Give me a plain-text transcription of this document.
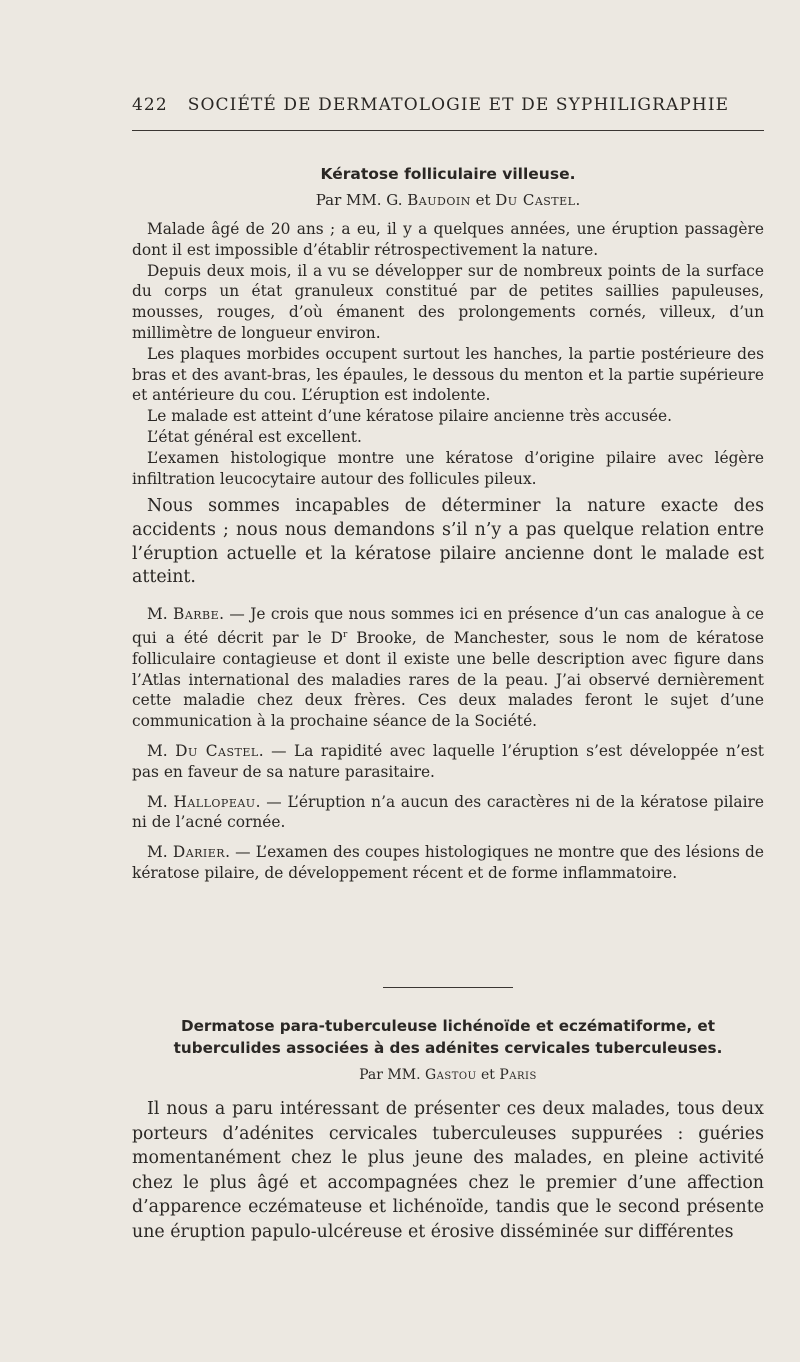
422 SOCIÉTÉ DE DERMATOLOGIE ET DE SYPHILIGRAPHIE
Kératose folliculaire villeuse.
Par MM. G. Baudoin et Du Castel.

Malade âgé de 20 ans ; a eu, il y a quelques années, une éruption passagère dont il est impossible d’établir rétrospectivement la nature.

Depuis deux mois, il a vu se développer sur de nombreux points de la surface du corps un état granuleux constitué par de petites saillies papuleuses, mousses, rouges, d’où émanent des prolongements cornés, villeux, d’un millimètre de longueur environ.

Les plaques morbides occupent surtout les hanches, la partie postérieure des bras et des avant-bras, les épaules, le dessous du menton et la partie supérieure et antérieure du cou. L’éruption est indolente.

Le malade est atteint d’une kératose pilaire ancienne très accusée.

L’état général est excellent.

L’examen histologique montre une kératose d’origine pilaire avec légère infiltration leucocytaire autour des follicules pileux.

Nous sommes incapables de déterminer la nature exacte des accidents ; nous nous demandons s’il n’y a pas quelque relation entre l’éruption actuelle et la kératose pilaire ancienne dont le malade est atteint.

M. Barbe. — Je crois que nous sommes ici en présence d’un cas analogue à ce qui a été décrit par le $D^r$ Brooke, de Manchester, sous le nom de kératose folliculaire contagieuse et dont il existe une belle description avec figure dans l’Atlas international des maladies rares de la peau. J’ai observé dernièrement cette maladie chez deux frères. Ces deux malades feront le sujet d’une communication à la prochaine séance de la Société.

M. Du Castel. — La rapidité avec laquelle l’éruption s’est développée n’est pas en faveur de sa nature parasitaire.

M. Hallopeau. — L’éruption n’a aucun des caractères ni de la kératose pilaire ni de l’acné cornée.

M. Darier. — L’examen des coupes histologiques ne montre que des lésions de kératose pilaire, de développement récent et de forme inflammatoire.

Dermatose para-tuberculeuse lichénoïde et eczématiforme, et tuberculides associées à des adénites cervicales tuberculeuses.
Par MM. Gastou et Paris

Il nous a paru intéressant de présenter ces deux malades, tous deux porteurs d’adénites cervicales tuberculeuses suppurées : guéries momentanément chez le plus jeune des malades, en pleine activité chez le plus âgé et accompagnées chez le premier d’une affection d’apparence eczémateuse et lichénoïde, tandis que le second présente une éruption papulo-ulcéreuse et érosive disséminée sur différentes
